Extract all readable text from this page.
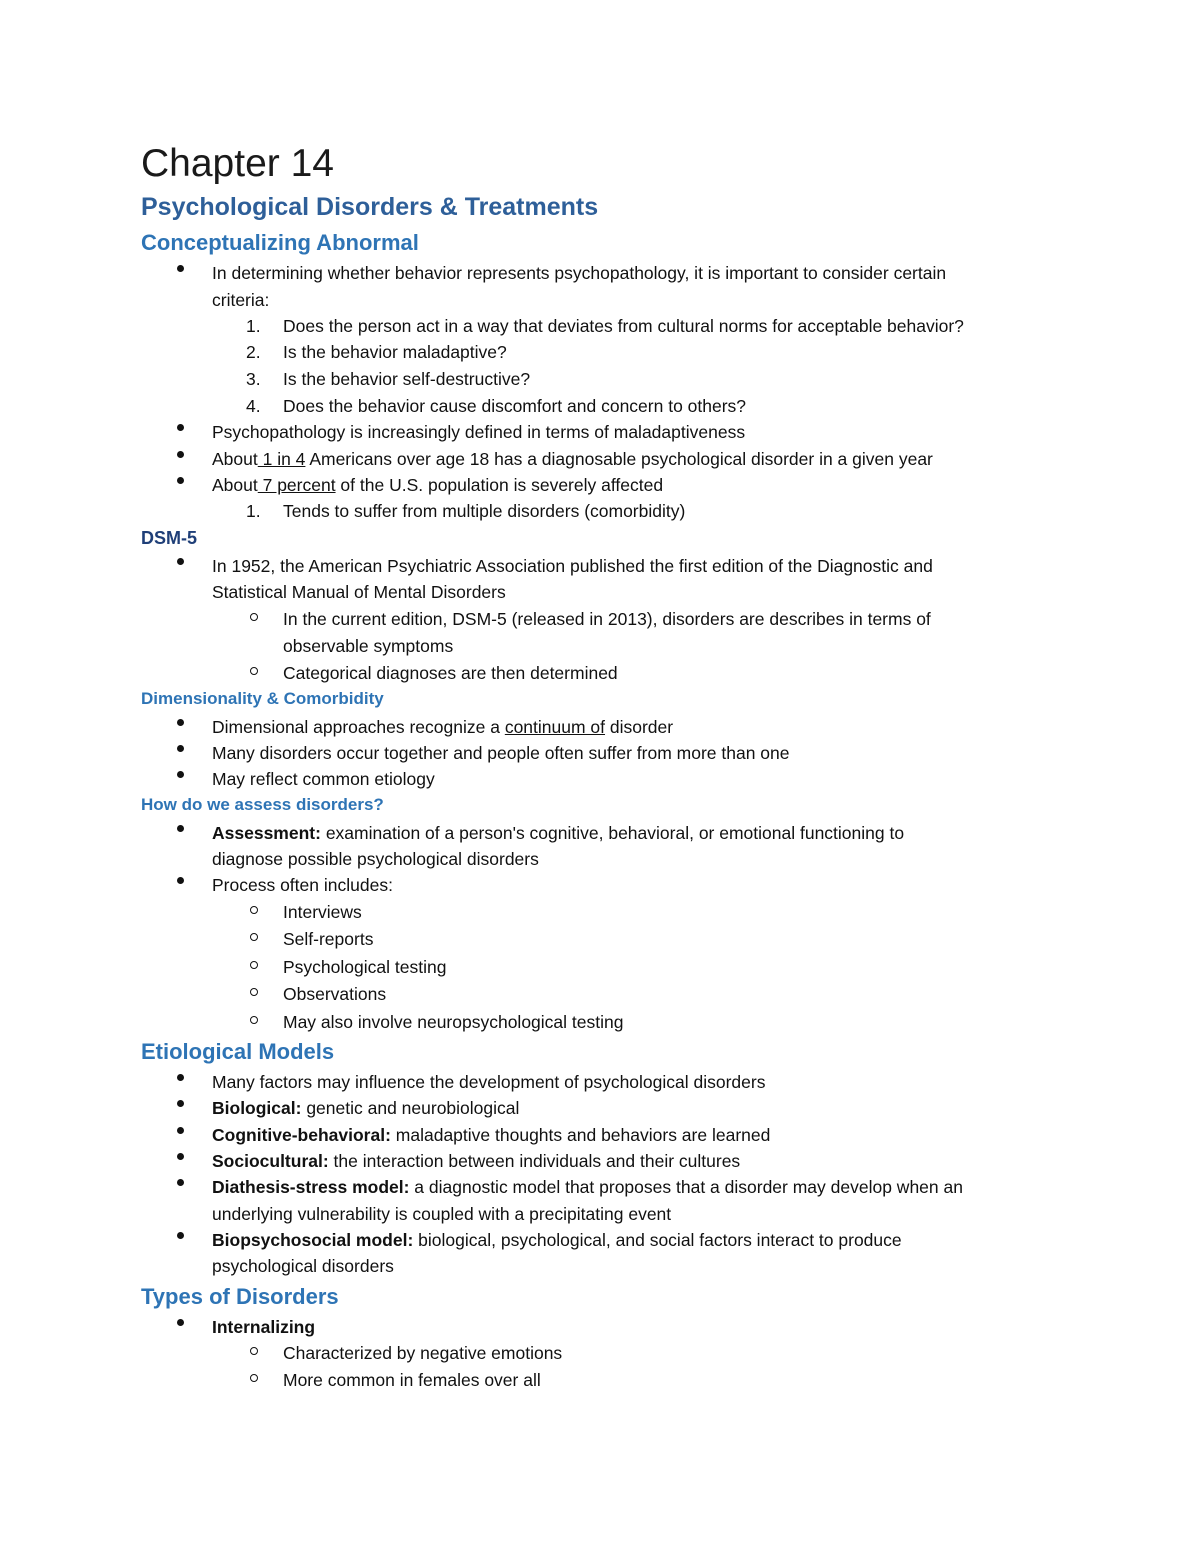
Chapter 14
Psychological Disorders & Treatments
Conceptualizing Abnormal
In determining whether behavior represents psychopathology, it is important to consider certain
criteria:
1. Does the person act in a way that deviates from cultural norms for acceptable behavior?
2. Is the behavior maladaptive?
3. Is the behavior self-destructive?
4. Does the behavior cause discomfort and concern to others?
Psychopathology is increasingly defined in terms of maladaptiveness
About 1 in 4 Americans over age 18 has a diagnosable psychological disorder in a given year
About 7 percent of the U.S. population is severely affected
1. Tends to suffer from multiple disorders (comorbidity)
DSM-5
In 1952, the American Psychiatric Association published the first edition of the Diagnostic and
Statistical Manual of Mental Disorders
In the current edition, DSM-5 (released in 2013), disorders are describes in terms of
observable symptoms
Categorical diagnoses are then determined
Dimensionality & Comorbidity
Dimensional approaches recognize a continuum of disorder
Many disorders occur together and people often suffer from more than one
May reflect common etiology
How do we assess disorders?
Assessment: examination of a person's cognitive, behavioral, or emotional functioning to
diagnose possible psychological disorders
Process often includes:
Interviews
Self-reports
Psychological testing
Observations
May also involve neuropsychological testing
Etiological Models
Many factors may influence the development of psychological disorders
Biological: genetic and neurobiological
Cognitive-behavioral: maladaptive thoughts and behaviors are learned
Sociocultural: the interaction between individuals and their cultures
Diathesis-stress model: a diagnostic model that proposes that a disorder may develop when an
underlying vulnerability is coupled with a precipitating event
Biopsychosocial model: biological, psychological, and social factors interact to produce
psychological disorders
Types of Disorders
Internalizing
Characterized by negative emotions
More common in females over all
